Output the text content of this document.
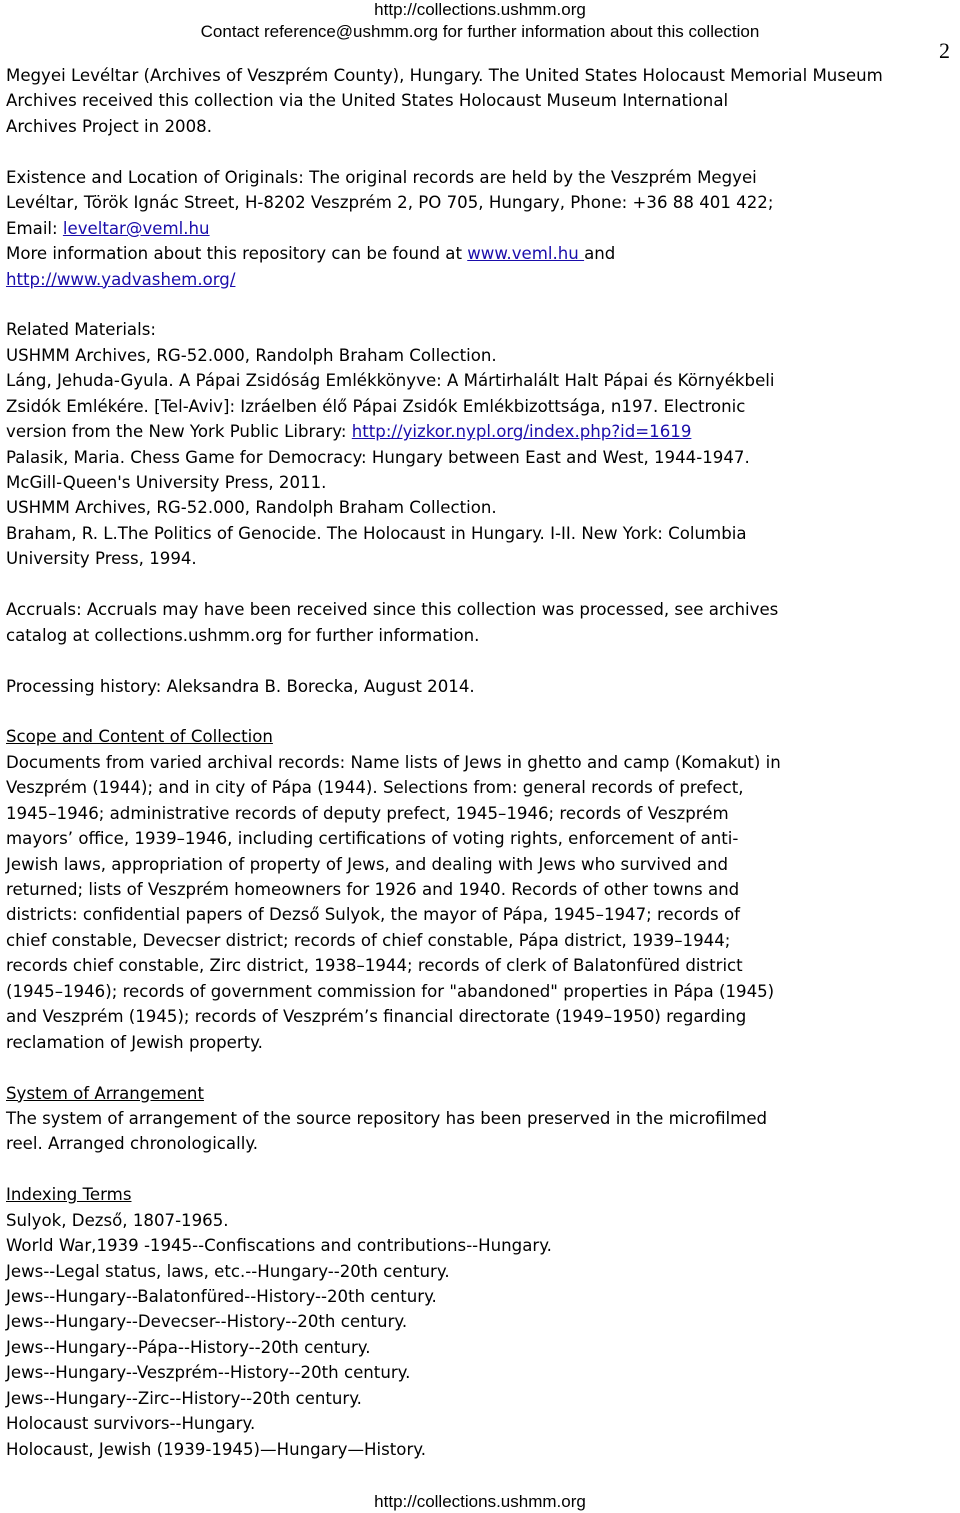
http://collections.ushmm.org
Contact reference@ushmm.org for further information about this collection
2
Megyei Levéltar (Archives of Veszprém County), Hungary. The United States Holocaust Memorial Museum
Archives received this collection via the United States Holocaust Museum International
Archives Project in 2008.
Existence and Location of Originals: The original records are held by the Veszprém Megyei
Levéltar, Török Ignác Street, H-8202 Veszprém 2, PO 705, Hungary, Phone: +36 88 401 422;
Email: leveltar@veml.hu
More information about this repository can be found at www.veml.hu and
http://www.yadvashem.org/
Related Materials:
USHMM Archives, RG-52.000, Randolph Braham Collection.
Láng, Jehuda-Gyula. A Pápai Zsidóság Emlékkönyve: A Mártirhalált Halt Pápai és Környékbeli
Zsidók Emlékére. [Tel-Aviv]: Izráelben élő Pápai Zsidók Emlékbizottsága, n197. Electronic
version from the New York Public Library: http://yizkor.nypl.org/index.php?id=1619
Palasik, Maria. Chess Game for Democracy: Hungary between East and West, 1944-1947.
McGill-Queen's University Press, 2011.
USHMM Archives, RG-52.000, Randolph Braham Collection.
Braham, R. L.The Politics of Genocide. The Holocaust in Hungary. I-II. New York: Columbia
University Press, 1994.
Accruals: Accruals may have been received since this collection was processed, see archives
catalog at collections.ushmm.org for further information.
Processing history: Aleksandra B. Borecka, August 2014.
Scope and Content of Collection
Documents from varied archival records: Name lists of Jews in ghetto and camp (Komakut) in
Veszprém (1944); and in city of Pápa (1944). Selections from: general records of prefect,
1945–1946; administrative records of deputy prefect, 1945–1946; records of Veszprém
mayors’ office, 1939–1946, including certifications of voting rights, enforcement of anti-
Jewish laws, appropriation of property of Jews, and dealing with Jews who survived and
returned; lists of Veszprém homeowners for 1926 and 1940. Records of other towns and
districts: confidential papers of Dezső Sulyok, the mayor of Pápa, 1945–1947; records of
chief constable, Devecser district; records of chief constable, Pápa district, 1939–1944;
records chief constable, Zirc district, 1938–1944; records of clerk of Balatonfüred district
(1945–1946); records of government commission for "abandoned" properties in Pápa (1945)
and Veszprém (1945); records of Veszprém’s financial directorate (1949–1950) regarding
reclamation of Jewish property.
System of Arrangement
The system of arrangement of the source repository has been preserved in the microfilmed
reel. Arranged chronologically.
Indexing Terms
Sulyok, Dezső, 1807-1965.
World War,1939 -1945--Confiscations and contributions--Hungary.
Jews--Legal status, laws, etc.--Hungary--20th century.
Jews--Hungary--Balatonfüred--History--20th century.
Jews--Hungary--Devecser--History--20th century.
Jews--Hungary--Pápa--History--20th century.
Jews--Hungary--Veszprém--History--20th century.
Jews--Hungary--Zirc--History--20th century.
Holocaust survivors--Hungary.
Holocaust, Jewish (1939-1945)—Hungary—History.
http://collections.ushmm.org
